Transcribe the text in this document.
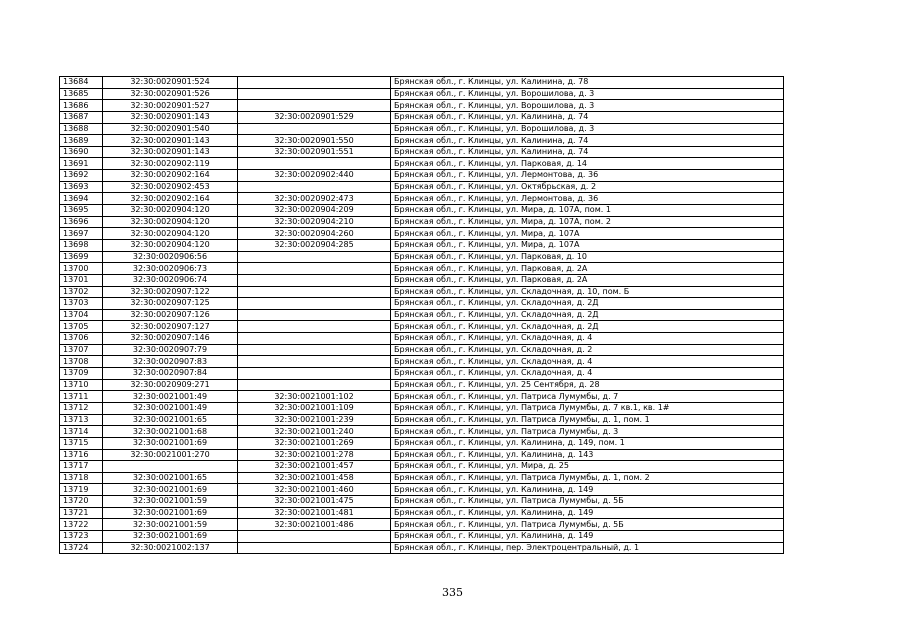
13684	32:30:0020901:524		Брянская обл., г. Клинцы, ул. Калинина, д. 78
13685	32:30:0020901:526		Брянская обл., г. Клинцы, ул. Ворошилова, д. 3
13686	32:30:0020901:527		Брянская обл., г. Клинцы, ул. Ворошилова, д. 3
13687	32:30:0020901:143	32:30:0020901:529	Брянская обл., г. Клинцы, ул. Калинина, д. 74
13688	32:30:0020901:540		Брянская обл., г. Клинцы, ул. Ворошилова, д. 3
13689	32:30:0020901:143	32:30:0020901:550	Брянская обл., г. Клинцы, ул. Калинина, д. 74
13690	32:30:0020901:143	32:30:0020901:551	Брянская обл., г. Клинцы, ул. Калинина, д. 74
13691	32:30:0020902:119		Брянская обл., г. Клинцы, ул. Парковая, д. 14
13692	32:30:0020902:164	32:30:0020902:440	Брянская обл., г. Клинцы, ул. Лермонтова, д. 36
13693	32:30:0020902:453		Брянская обл., г. Клинцы, ул. Октябрьская, д. 2
13694	32:30:0020902:164	32:30:0020902:473	Брянская обл., г. Клинцы, ул. Лермонтова, д. 36
13695	32:30:0020904:120	32:30:0020904:209	Брянская обл., г. Клинцы, ул. Мира, д. 107А, пом. 1
13696	32:30:0020904:120	32:30:0020904:210	Брянская обл., г. Клинцы, ул. Мира, д. 107А, пом. 2
13697	32:30:0020904:120	32:30:0020904:260	Брянская обл., г. Клинцы, ул. Мира, д. 107А
13698	32:30:0020904:120	32:30:0020904:285	Брянская обл., г. Клинцы, ул. Мира, д. 107А
13699	32:30:0020906:56		Брянская обл., г. Клинцы, ул. Парковая, д. 10
13700	32:30:0020906:73		Брянская обл., г. Клинцы, ул. Парковая, д. 2А
13701	32:30:0020906:74		Брянская обл., г. Клинцы, ул. Парковая, д. 2А
13702	32:30:0020907:122		Брянская обл., г. Клинцы, ул. Складочная, д. 10, пом. Б
13703	32:30:0020907:125		Брянская обл., г. Клинцы, ул. Складочная, д. 2Д
13704	32:30:0020907:126		Брянская обл., г. Клинцы, ул. Складочная, д. 2Д
13705	32:30:0020907:127		Брянская обл., г. Клинцы, ул. Складочная, д. 2Д
13706	32:30:0020907:146		Брянская обл., г. Клинцы, ул. Складочная, д. 4
13707	32:30:0020907:79		Брянская обл., г. Клинцы, ул. Складочная, д. 2
13708	32:30:0020907:83		Брянская обл., г. Клинцы, ул. Складочная, д. 4
13709	32:30:0020907:84		Брянская обл., г. Клинцы, ул. Складочная, д. 4
13710	32:30:0020909:271		Брянская обл., г. Клинцы, ул. 25 Сентября, д. 28
13711	32:30:0021001:49	32:30:0021001:102	Брянская обл., г. Клинцы, ул. Патриса Лумумбы, д. 7
13712	32:30:0021001:49	32:30:0021001:109	Брянская обл., г. Клинцы, ул. Патриса Лумумбы, д. 7 кв.1, кв. 1#
13713	32:30:0021001:65	32:30:0021001:239	Брянская обл., г. Клинцы, ул. Патриса Лумумбы, д. 1, пом. 1
13714	32:30:0021001:68	32:30:0021001:240	Брянская обл., г. Клинцы, ул. Патриса Лумумбы, д. 3
13715	32:30:0021001:69	32:30:0021001:269	Брянская обл., г. Клинцы, ул. Калинина, д. 149, пом. 1
13716	32:30:0021001:270	32:30:0021001:278	Брянская обл., г. Клинцы, ул. Калинина, д. 143
13717		32:30:0021001:457	Брянская обл., г. Клинцы, ул. Мира, д. 25
13718	32:30:0021001:65	32:30:0021001:458	Брянская обл., г. Клинцы, ул. Патриса Лумумбы, д. 1, пом. 2
13719	32:30:0021001:69	32:30:0021001:460	Брянская обл., г. Клинцы, ул. Калинина, д. 149
13720	32:30:0021001:59	32:30:0021001:475	Брянская обл., г. Клинцы, ул. Патриса Лумумбы, д. 5Б
13721	32:30:0021001:69	32:30:0021001:481	Брянская обл., г. Клинцы, ул. Калинина, д. 149
13722	32:30:0021001:59	32:30:0021001:486	Брянская обл., г. Клинцы, ул. Патриса Лумумбы, д. 5Б
13723	32:30:0021001:69		Брянская обл., г. Клинцы, ул. Калинина, д. 149
13724	32:30:0021002:137		Брянская обл., г. Клинцы, пер. Электроцентральный, д. 1
335
